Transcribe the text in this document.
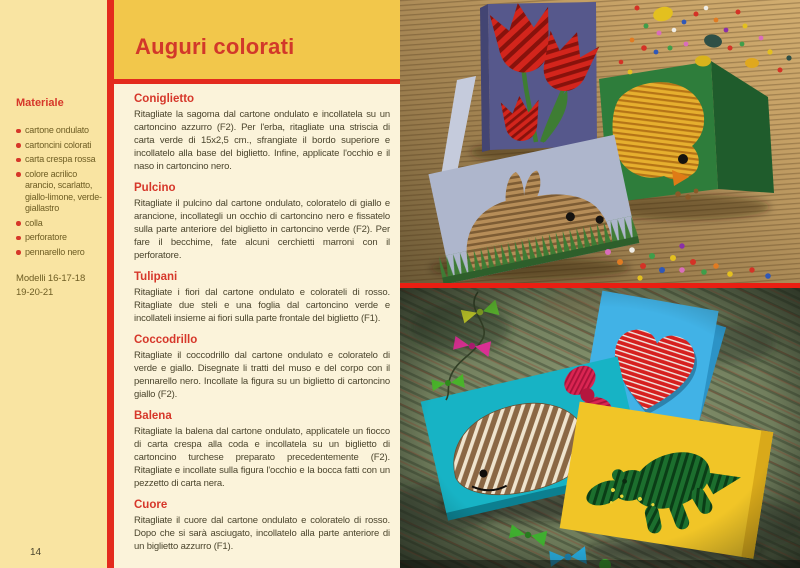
Materiale
cartone ondulato
cartoncini colorati
carta crespa rossa
colore acrilico arancio, scarlatto, giallo-limone, verde-giallastro
colla
perforatore
pennarello nero
Modelli 16-17-18
19-20-21
14
Auguri colorati
Coniglietto

Ritagliate la sagoma dal cartone ondulato e incollatela su un cartoncino azzurro (F2). Per l'erba, ritagliate una striscia di carta verde di 15x2,5 cm., sfrangiate il bordo superiore e incollatelo alla base del biglietto. Infine, applicate l'occhio e il naso in cartoncino nero.

Pulcino

Ritagliate il pulcino dal cartone ondulato, coloratelo di giallo e arancione, incollategli un occhio di cartoncino nero e fissatelo sulla parte anteriore del biglietto in cartoncino verde (F2). Per fare il becchime, fate alcuni cerchietti marroni con il perforatore.

Tulipani

Ritagliate i fiori dal cartone ondulato e colorateli di rosso. Ritagliate due steli e una foglia dal cartoncino verde e incollateli insieme ai fiori sulla parte frontale del biglietto (F1).

Coccodrillo

Ritagliate il coccodrillo dal cartone ondulato e coloratelo di verde e giallo. Disegnate li tratti del muso e del corpo con il pennarello nero. Incollate la figura su un biglietto di cartoncino giallo (F2).

Balena

Ritagliate la balena dal cartone ondulato, applicatele un fiocco di carta crespa alla coda e incollatela su un biglietto di cartoncino turchese preparato precedentemente (F2). Ritagliate e incollate sulla figura l'occhio e la bocca fatti con un pezzetto di carta nera.

Cuore

Ritagliate il cuore dal cartone ondulato e coloratelo di rosso. Dopo che si sarà asciugato, incollatelo alla parte anteriore di un biglietto azzurro (F1).
